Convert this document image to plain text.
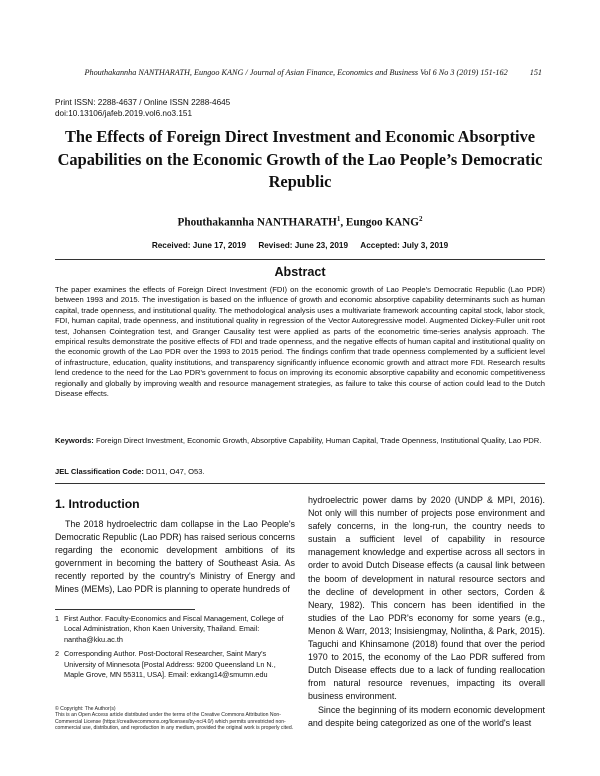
Phouthakannha NANTHARATH, Eungoo KANG / Journal of Asian Finance, Economics and Business Vol 6 No 3 (2019) 151-162	151
Print ISSN: 2288-4637 / Online ISSN 2288-4645
doi:10.13106/jafeb.2019.vol6.no3.151
The Effects of Foreign Direct Investment and Economic Absorptive
Capabilities on the Economic Growth of the Lao People’s Democratic
Republic
Phouthakannha NANTHARATH$^1$, Eungoo KANG$^2$
Received: June 17, 2019 Revised: June 23, 2019 Accepted: July 3, 2019
Abstract
The paper examines the effects of Foreign Direct Investment (FDI) on the economic growth of Lao People's Democratic Republic (Lao PDR) between 1993 and 2015. The investigation is based on the influence of growth and economic absorptive capability determinants such as human capital, trade openness, and institutional quality. The methodological analysis uses a multivariate framework accounting capital stock, labor stock, FDI, human capital, trade openness, and institutional quality in regression of the Vector Autoregressive model. Augmented Dickey-Fuller unit root test, Johansen Cointegration test, and Granger Causality test were applied as parts of the econometric time-series analysis approach. The empirical results demonstrate the positive effects of FDI and trade openness, and the negative effects of human capital and institutional quality on the economic growth of the Lao PDR over the 1993 to 2015 period. The findings confirm that trade openness complemented by a sufficient level of infrastructure, education, quality institutions, and transparency significantly influence economic growth and attract more FDI. Research results lend credence to the need for the Lao PDR's government to focus on improving its economic absorptive capability and economic competitiveness regionally and globally by improving wealth and resource management strategies, as failure to take this course of action could lead to the Dutch Disease effects.
Keywords: Foreign Direct Investment, Economic Growth, Absorptive Capability, Human Capital, Trade Openness, Institutional Quality, Lao PDR.
JEL Classification Code: DO11, O47, O53.
1. Introduction

The 2018 hydroelectric dam collapse in the Lao People's Democratic Republic (Lao PDR) has raised serious concerns regarding the economic development ambitions of its government in becoming the battery of Southeast Asia. As recently reported by the country's Ministry of Energy and Mines (MEMs), Lao PDR is planning to operate hundreds of

hydroelectric power dams by 2020 (UNDP & MPI, 2016). Not only will this number of projects pose environment and safely concerns, in the long-run, the country needs to sustain a sufficient level of capability in resource management knowledge and expertise across all sectors in order to avoid Dutch Disease effects (a causal link between the boom of development in natural resource sectors and the decline of development in other sectors, Corden & Neary, 1982). This concern has been identified in the studies of the Lao PDR's economy for some years (e.g., Menon & Warr, 2013; Insisiengmay, Nolintha, & Park, 2015). Taguchi and Khinsamone (2018) found that over the period 1970 to 2015, the economy of the Lao PDR suffered from Dutch Disease effects due to a lack of funding reallocation from natural resource revenues, impacting its overall business environment.

Since the beginning of its modern economic development and despite being categorized as one of the world's least

1 First Author. Faculty-Economics and Fiscal Management, College of Local Administration, Khon Kaen University, Thailand. Email: nantha@kku.ac.th
2 Corresponding Author. Post-Doctoral Researcher, Saint Mary's University of Minnesota [Postal Address: 9200 Queensland Ln N., Maple Grove, MN 55311, USA]. Email: exkang14@smumn.edu
© Copyright: The Author(s)
This is an Open Access article distributed under the terms of the Creative Commons Attribution Non-Commercial License (https://creativecommons.org/licenses/by-nc/4.0/) which permits unrestricted non-commercial use, distribution, and reproduction in any medium, provided the original work is properly cited.
